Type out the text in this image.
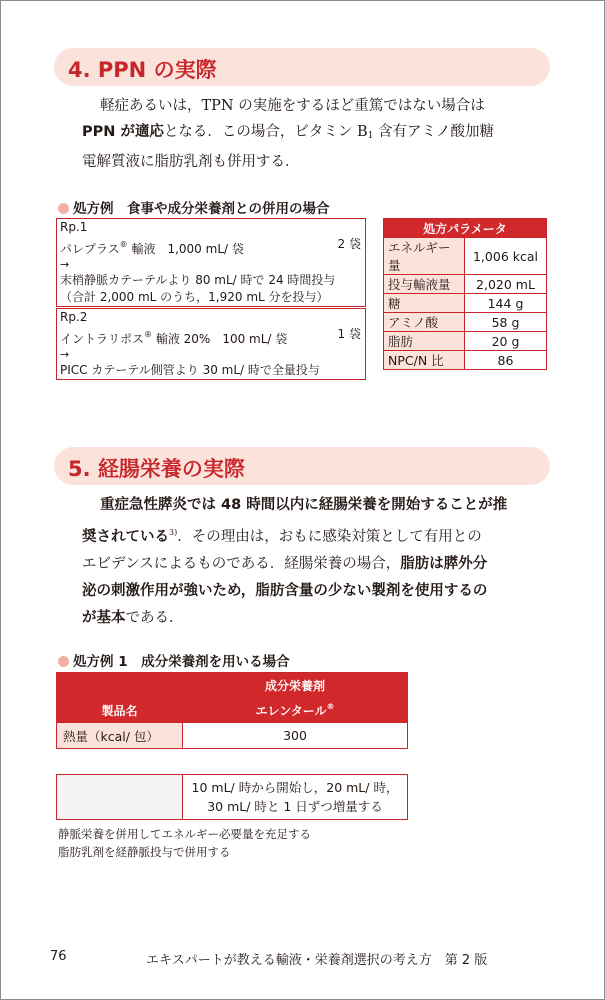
4. PPN の実際

軽症あるいは，TPN の実施をするほど重篤ではない場合は
PPN が適応となる．この場合，ビタミン $B_1$ 含有アミノ酸加糖
電解質液に脂肪乳剤も併用する．

処方例　食事や成分栄養剤との併用の場合
Rp.1
パレプラス® 輸液　1,000 mL/ 袋	2 袋
→
末梢静脈カテーテルより 80 mL/ 時で 24 時間投与
（合計 2,000 mL のうち，1,920 mL 分を投与）
Rp.2
イントラリポス® 輸液 20%　100 mL/ 袋	1 袋
→
PICC カテーテル側管より 30 mL/ 時で全量投与
処方パラメータ	
エネルギー量	1,006 kcal
投与輸液量	2,020 mL
糖	144 g
アミノ酸	58 g
脂肪	20 g
NPC/N 比	86
5. 経腸栄養の実際

重症急性膵炎では 48 時間以内に経腸栄養を開始することが推
奨されている$^{3)}$．その理由は，おもに感染対策として有用との
エビデンスによるものである．経腸栄養の場合，脂肪は膵外分
泌の刺激作用が強いため，脂肪含量の少ない製剤を使用するの
が基本である．

処方例 1　成分栄養剤を用いる場合
	成分栄養剤
製品名	エレンタール®
熱量（kcal/ 包）	300
	10 mL/ 時から開始し，20 mL/ 時，
30 mL/ 時と 1 日ずつ増量する
静脈栄養を併用してエネルギー必要量を充足する
脂肪乳剤を経静脈投与で併用する
76	エキスパートが教える輸液・栄養剤選択の考え方　第 2 版
